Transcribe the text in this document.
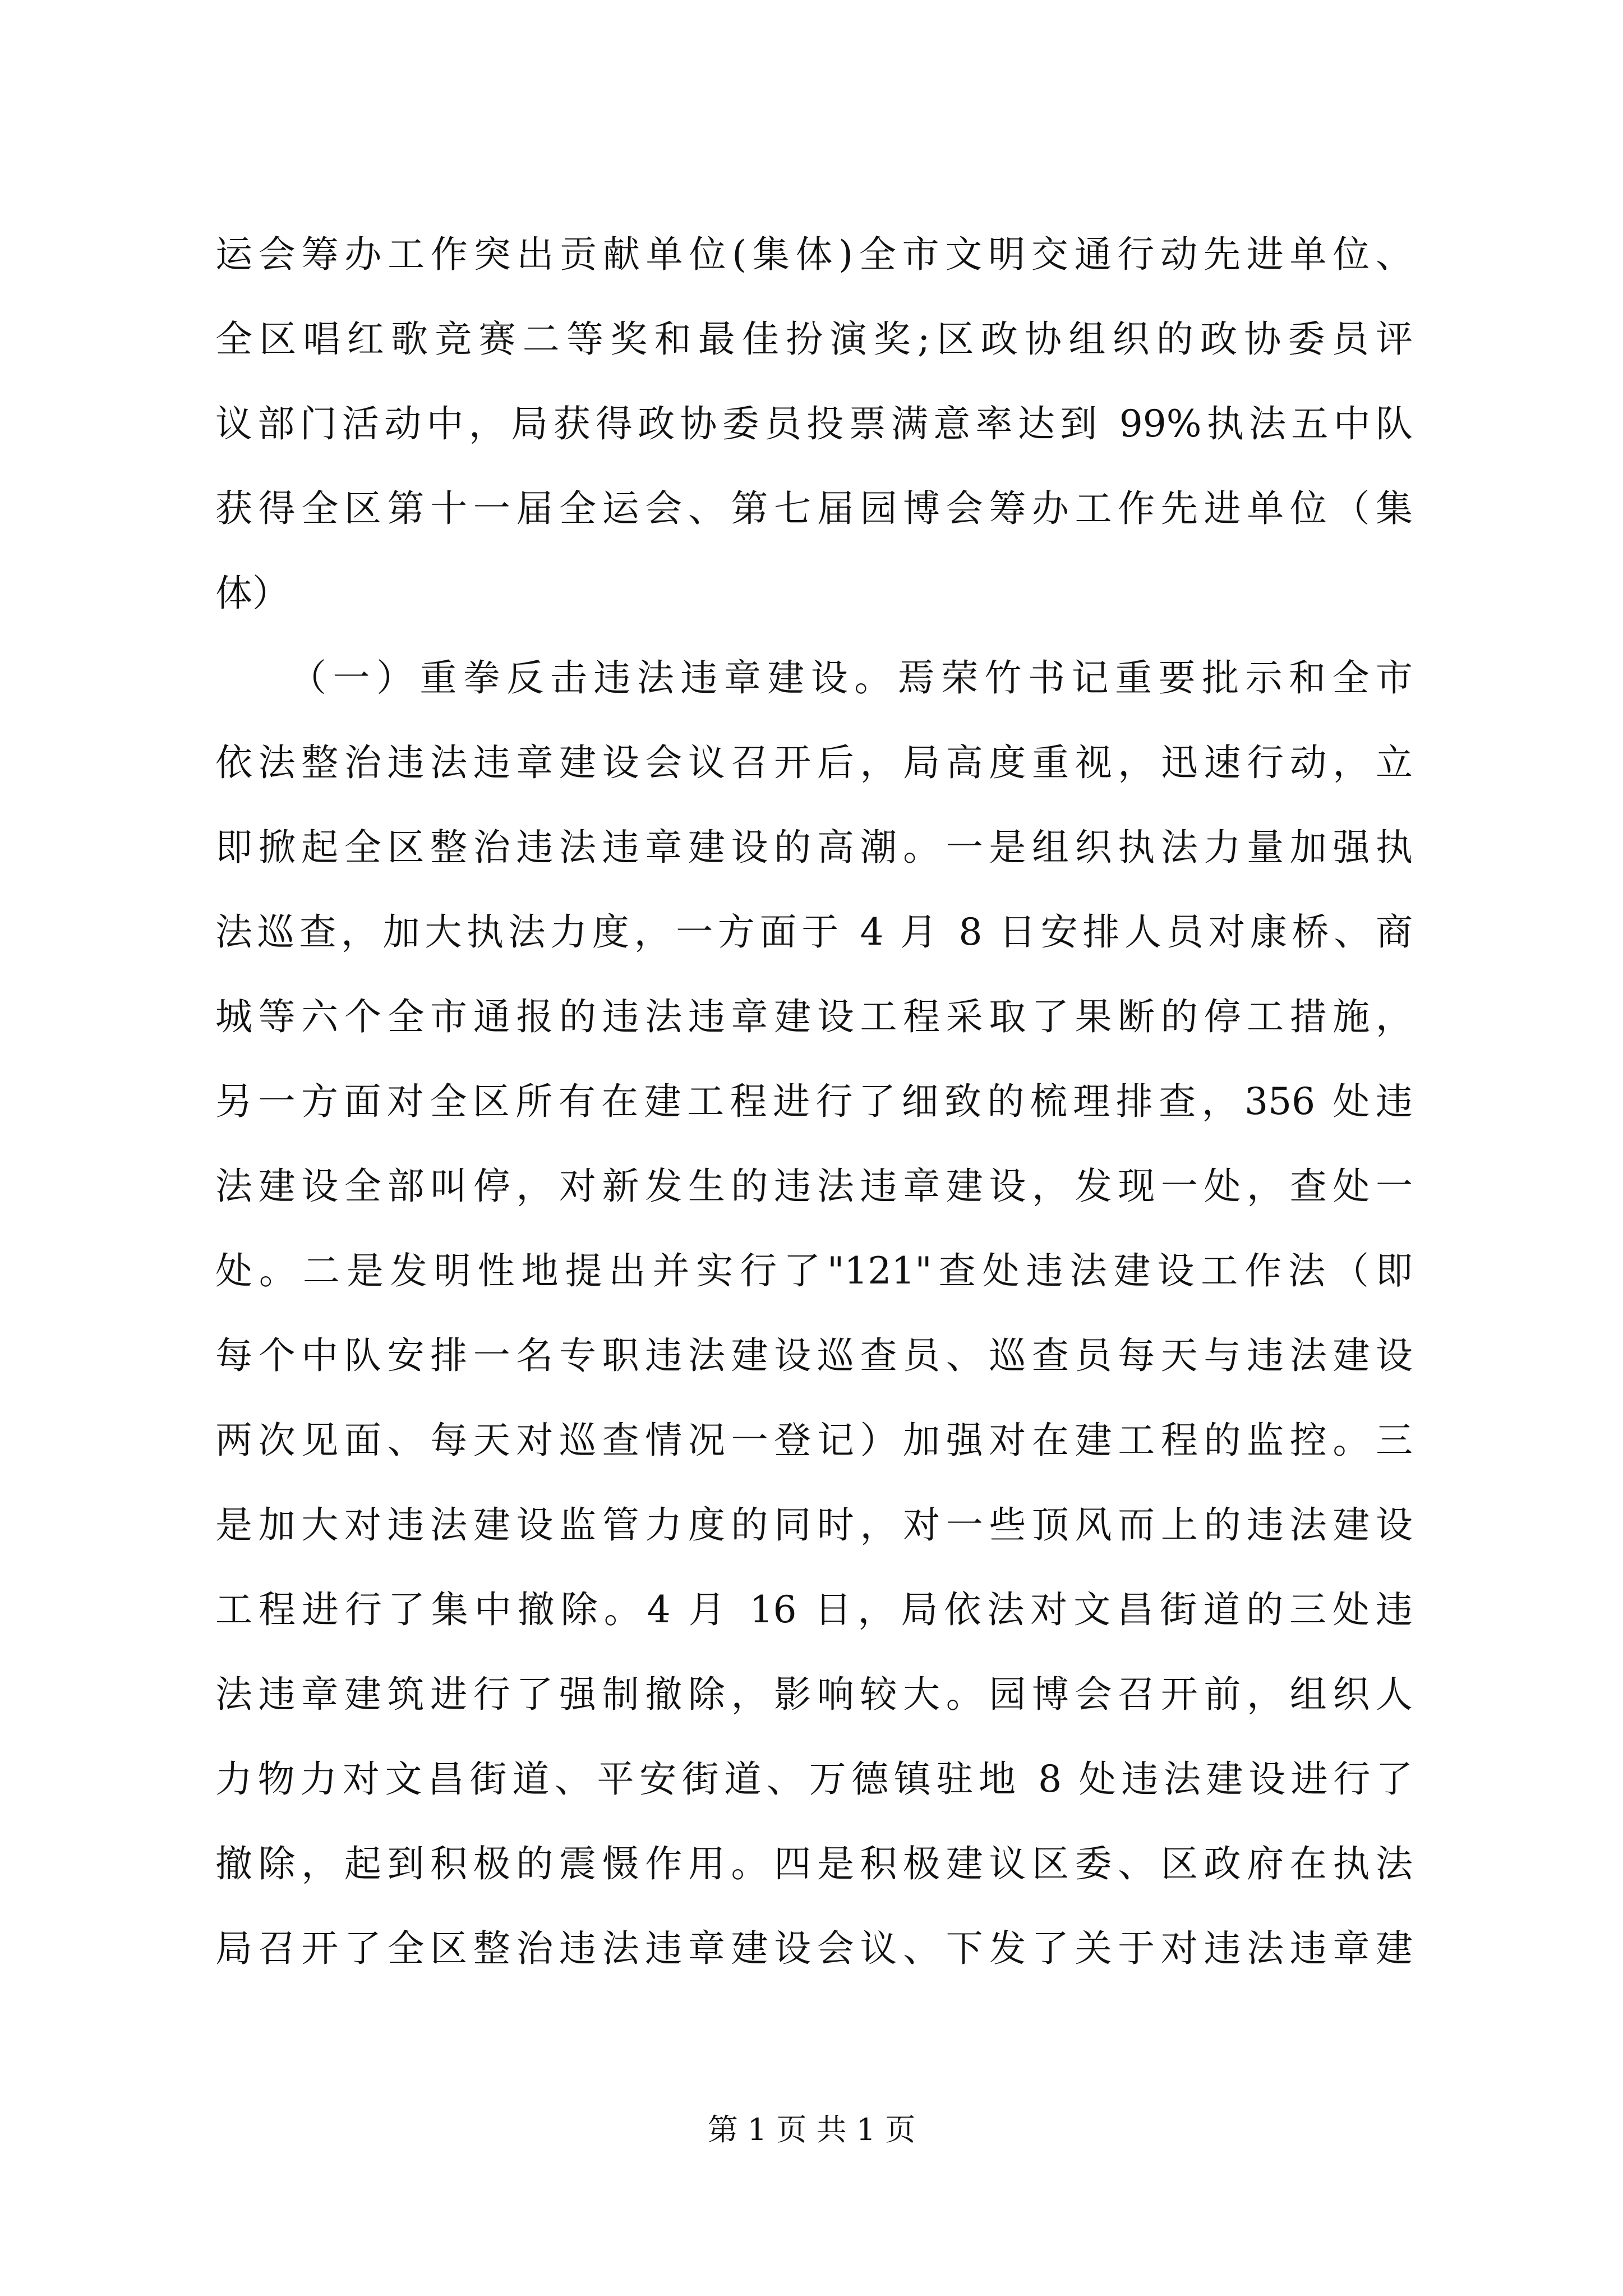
运会筹办工作突出贡献单位(集体)全市文明交通行动先进单位、
全区唱红歌竞赛二等奖和最佳扮演奖;区政协组织的政协委员评
议部门活动中，局获得政协委员投票满意率达到 99%执法五中队
获得全区第十一届全运会、第七届园博会筹办工作先进单位（集
体）
（一）重拳反击违法违章建设。焉荣竹书记重要批示和全市
依法整治违法违章建设会议召开后，局高度重视，迅速行动，立
即掀起全区整治违法违章建设的高潮。一是组织执法力量加强执
法巡查，加大执法力度，一方面于 4 月 8 日安排人员对康桥、商
城等六个全市通报的违法违章建设工程采取了果断的停工措施，
另一方面对全区所有在建工程进行了细致的梳理排查，356 处违
法建设全部叫停，对新发生的违法违章建设，发现一处，查处一
处。二是发明性地提出并实行了"121"查处违法建设工作法（即
每个中队安排一名专职违法建设巡查员、巡查员每天与违法建设
两次见面、每天对巡查情况一登记）加强对在建工程的监控。三
是加大对违法建设监管力度的同时，对一些顶风而上的违法建设
工程进行了集中撤除。4 月 16 日，局依法对文昌街道的三处违
法违章建筑进行了强制撤除，影响较大。园博会召开前，组织人
力物力对文昌街道、平安街道、万德镇驻地 8 处违法建设进行了
撤除，起到积极的震慑作用。四是积极建议区委、区政府在执法
局召开了全区整治违法违章建设会议、下发了关于对违法违章建
第 1 页 共 1 页
